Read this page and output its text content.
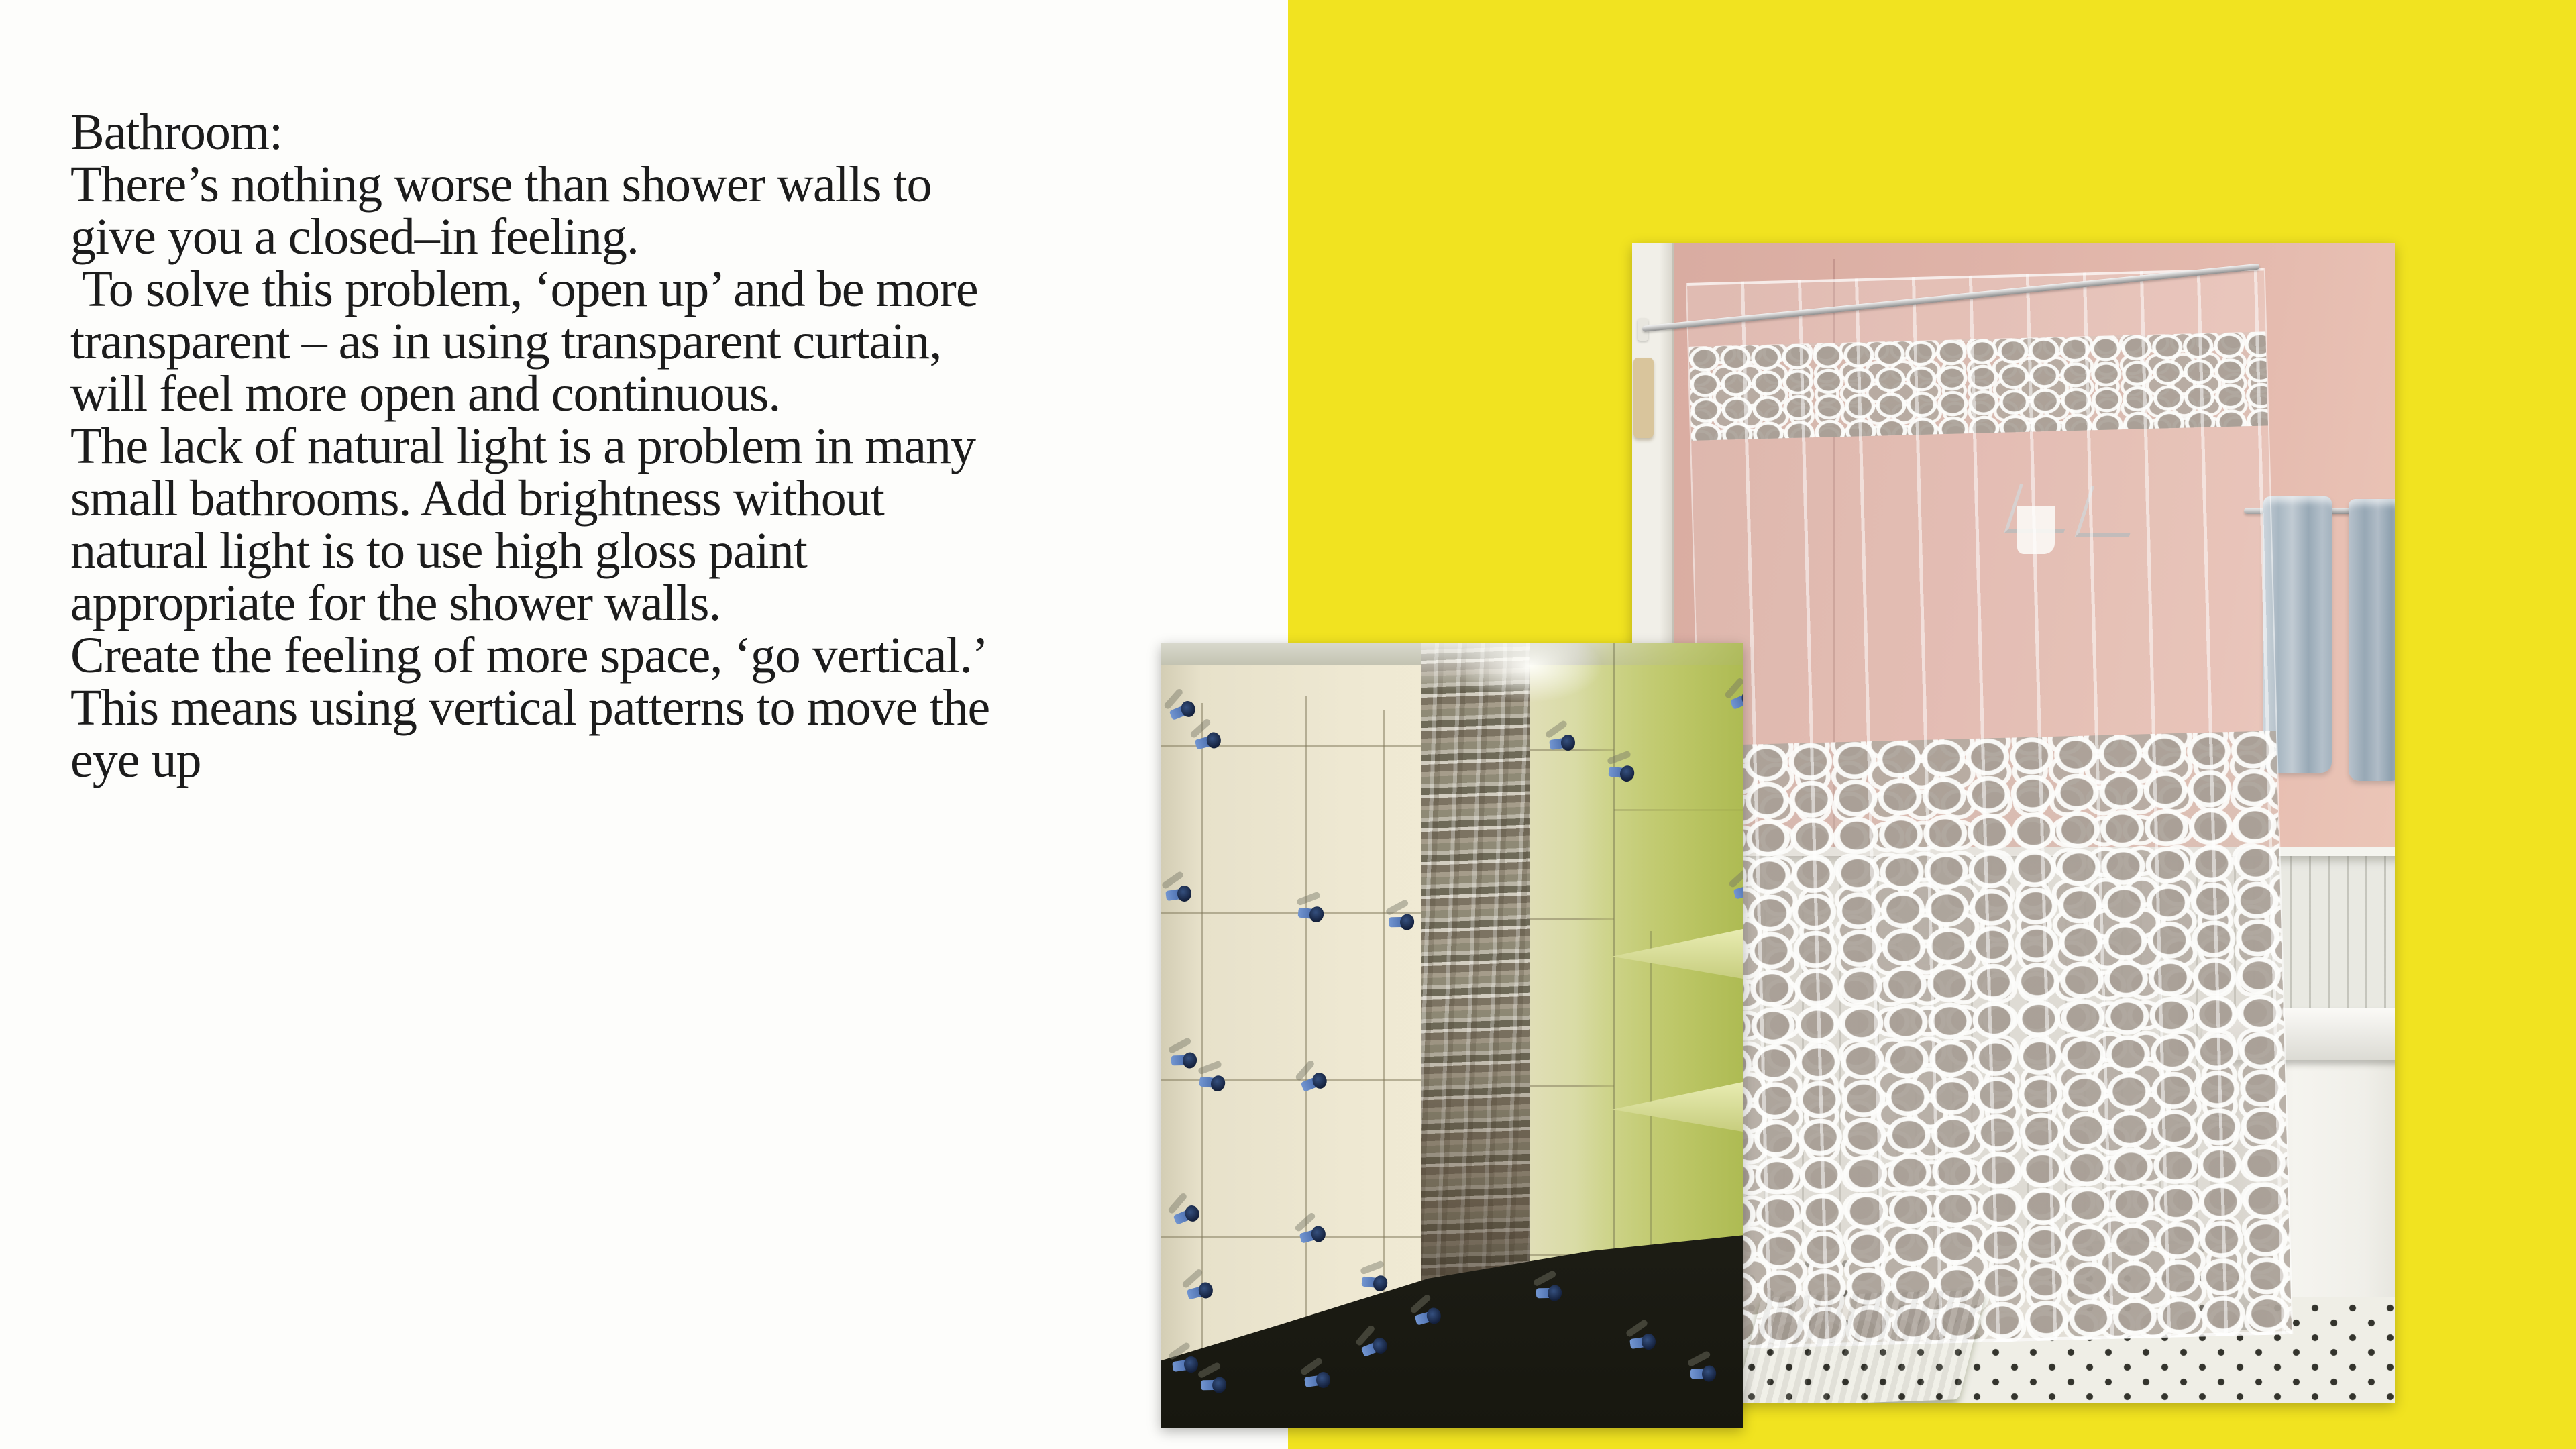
Bathroom:
There’s nothing worse than shower walls to
give you a closed–in feeling.
To solve this problem, ‘open up’ and be more
transparent – as in using transparent curtain,
will feel more open and continuous.
The lack of natural light is a problem in many
small bathrooms. Add brightness without
natural light is to use high gloss paint
appropriate for the shower walls.
Create the feeling of more space, ‘go vertical.’
This means using vertical patterns to move the
eye up
